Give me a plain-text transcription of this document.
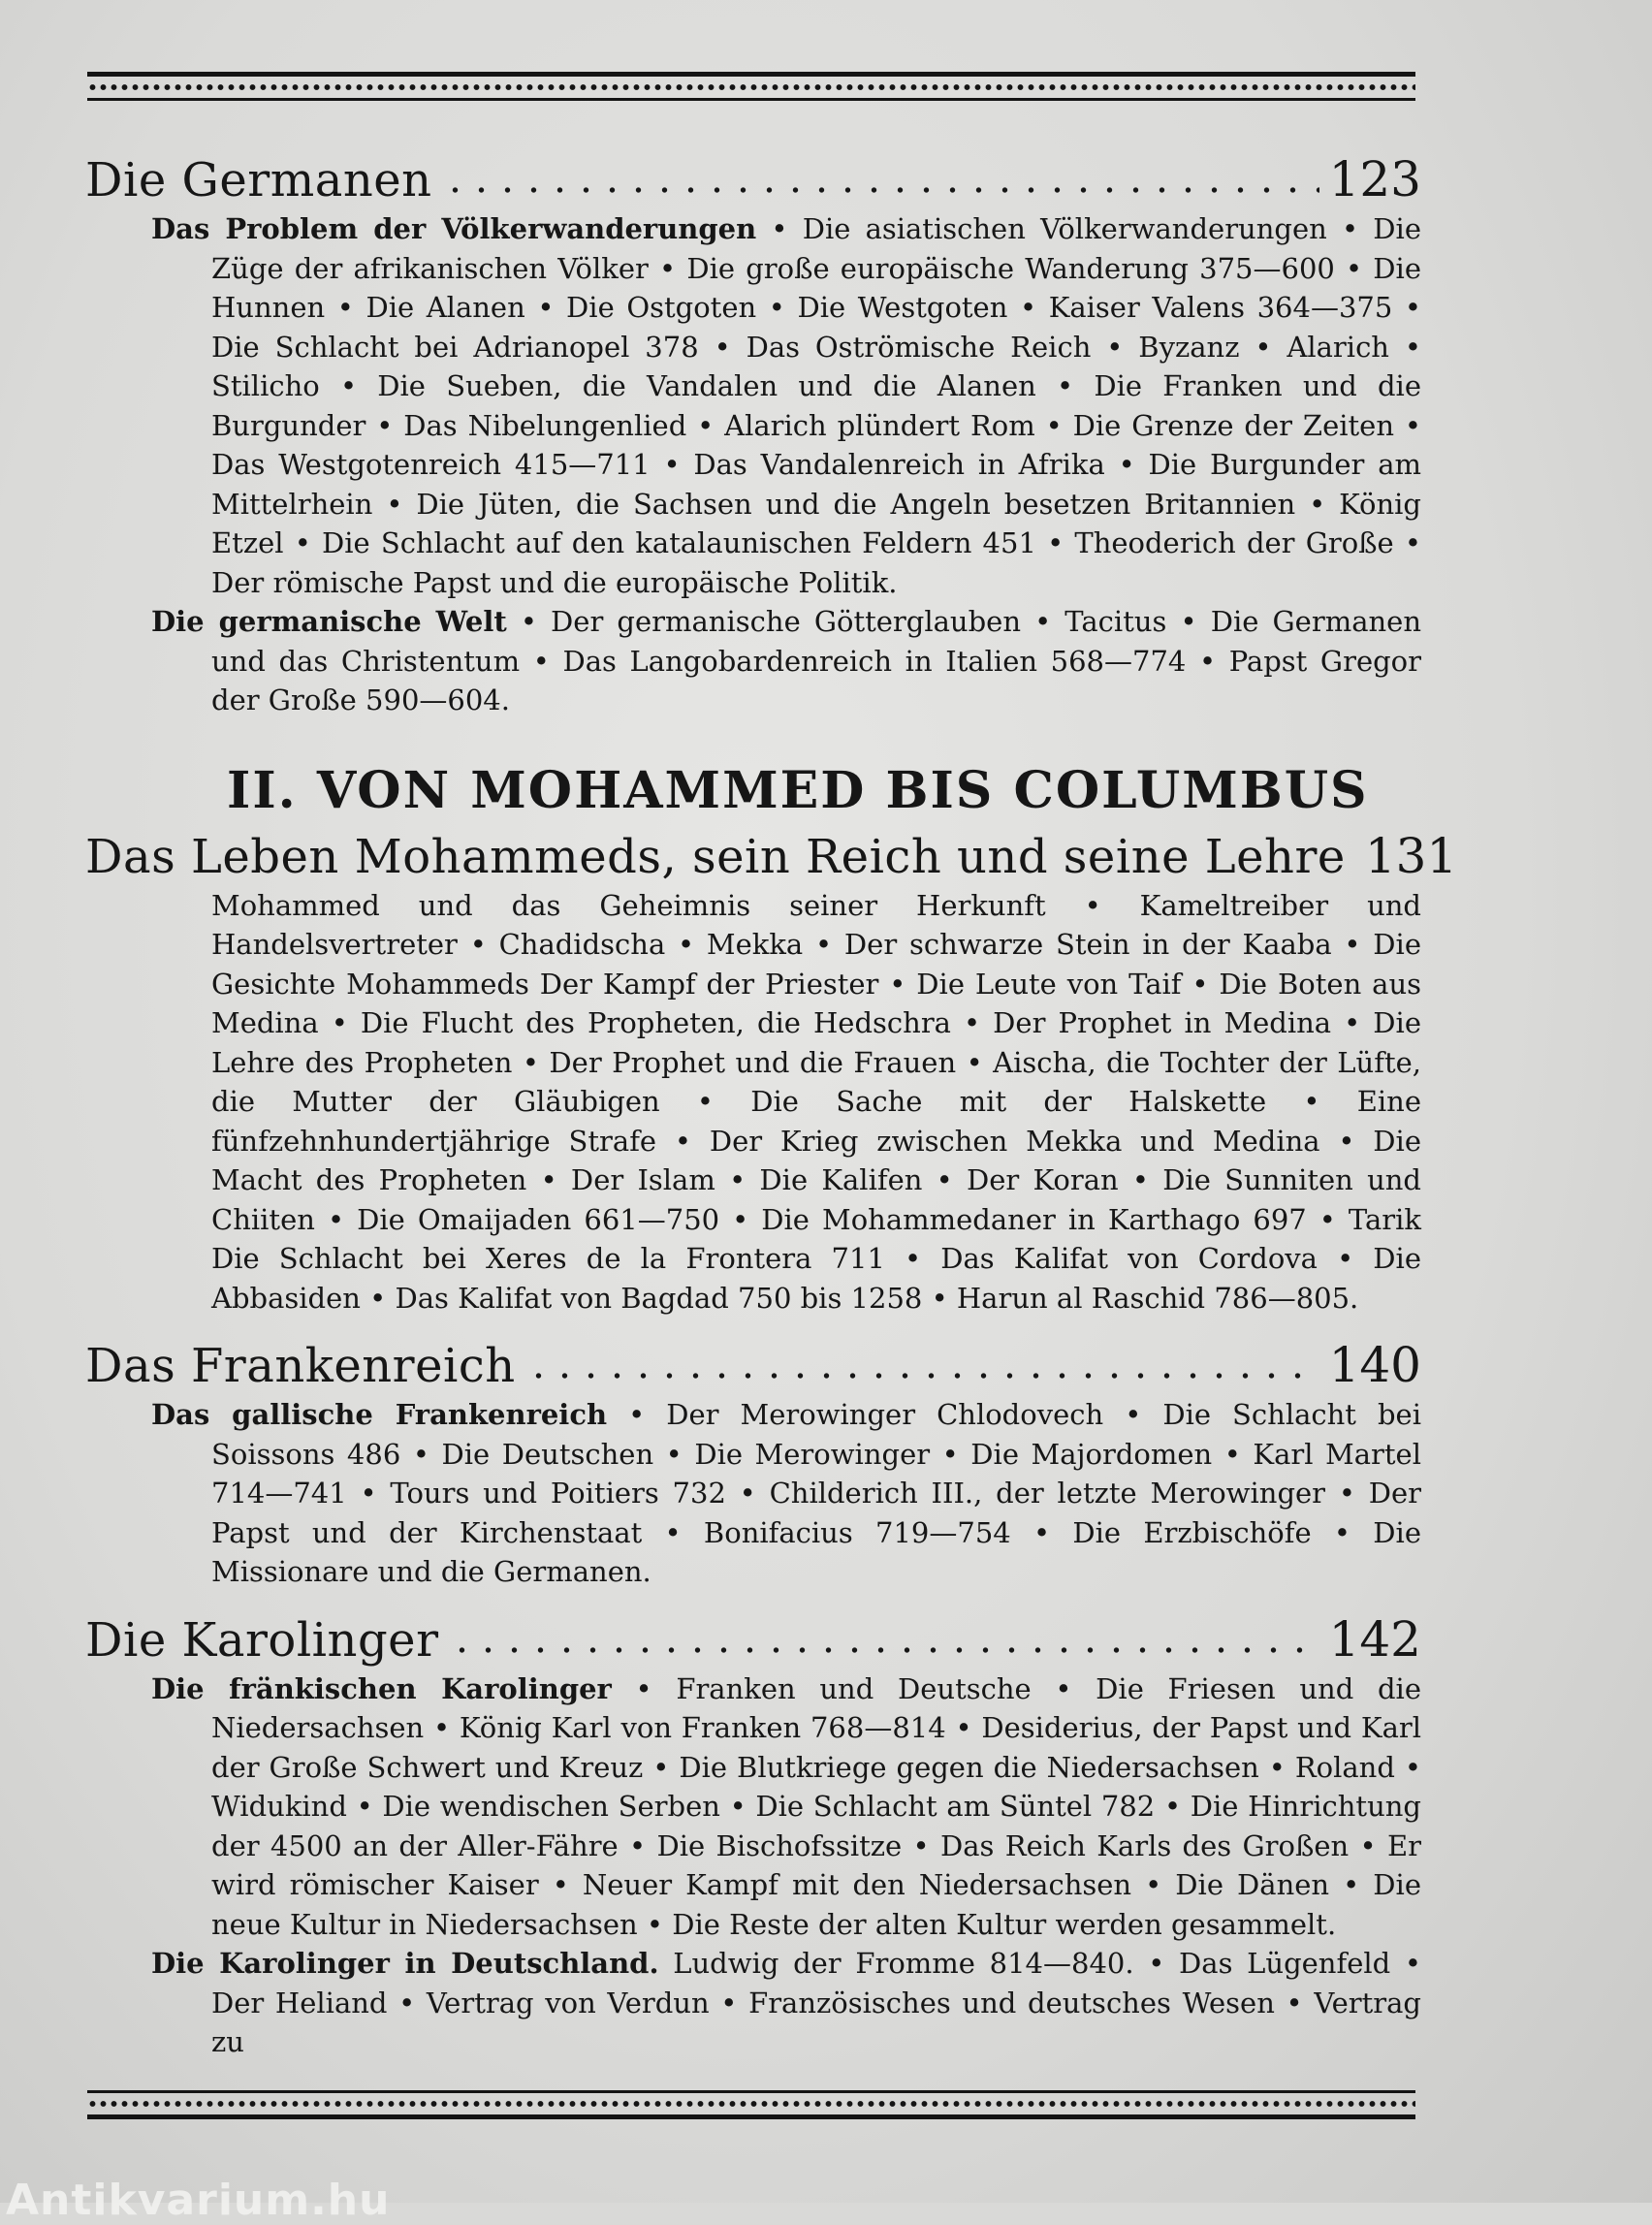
Die Germanen	123

Das Problem der Völkerwanderungen • Die asiatischen Völkerwanderungen • Die Züge der afrikanischen Völker • Die große europäische Wanderung 375—600 • Die Hunnen • Die Alanen • Die Ostgoten • Die Westgoten • Kaiser Valens 364—375 • Die Schlacht bei Adrianopel 378 • Das Oströmische Reich • Byzanz • Alarich • Stilicho • Die Sueben, die Vandalen und die Alanen • Die Franken und die Burgunder • Das Nibelungenlied • Alarich plündert Rom • Die Grenze der Zeiten • Das Westgotenreich 415—711 • Das Vandalenreich in Afrika • Die Burgunder am Mittelrhein • Die Jüten, die Sachsen und die Angeln besetzen Britannien • König Etzel • Die Schlacht auf den katalaunischen Feldern 451 • Theoderich der Große • Der römische Papst und die europäische Politik.

Die germanische Welt • Der germanische Götterglauben • Tacitus • Die Germanen und das Christentum • Das Langobardenreich in Italien 568—774 • Papst Gregor der Große 590—604.

II. VON MOHAMMED BIS COLUMBUS
Das Leben Mohammeds, sein Reich und seine Lehre 131

Mohammed und das Geheimnis seiner Herkunft • Kameltreiber und Handelsvertreter • Chadidscha • Mekka • Der schwarze Stein in der Kaaba • Die Gesichte Mohammeds Der Kampf der Priester • Die Leute von Taif • Die Boten aus Medina • Die Flucht des Propheten, die Hedschra • Der Prophet in Medina • Die Lehre des Propheten • Der Prophet und die Frauen • Aischa, die Tochter der Lüfte, die Mutter der Gläubigen • Die Sache mit der Halskette • Eine fünfzehnhundertjährige Strafe • Der Krieg zwischen Mekka und Medina • Die Macht des Propheten • Der Islam • Die Kalifen • Der Koran • Die Sunniten und Chiiten • Die Omaijaden 661—750 • Die Mohammedaner in Karthago 697 • Tarik Die Schlacht bei Xeres de la Frontera 711 • Das Kalifat von Cordova • Die Abbasiden • Das Kalifat von Bagdad 750 bis 1258 • Harun al Raschid 786—805.

Das Frankenreich	140

Das gallische Frankenreich • Der Merowinger Chlodovech • Die Schlacht bei Soissons 486 • Die Deutschen • Die Merowinger • Die Majordomen • Karl Martel 714—741 • Tours und Poitiers 732 • Childerich III., der letzte Merowinger • Der Papst und der Kirchenstaat • Bonifacius 719—754 • Die Erzbischöfe • Die Missionare und die Germanen.

Die Karolinger	142

Die fränkischen Karolinger • Franken und Deutsche • Die Friesen und die Niedersachsen • König Karl von Franken 768—814 • Desiderius, der Papst und Karl der Große Schwert und Kreuz • Die Blutkriege gegen die Niedersachsen • Roland • Widukind • Die wendischen Serben • Die Schlacht am Süntel 782 • Die Hinrichtung der 4500 an der Aller-Fähre • Die Bischofssitze • Das Reich Karls des Großen • Er wird römischer Kaiser • Neuer Kampf mit den Niedersachsen • Die Dänen • Die neue Kultur in Niedersachsen • Die Reste der alten Kultur werden gesammelt.

Die Karolinger in Deutschland. Ludwig der Fromme 814—840. • Das Lügenfeld • Der Heliand • Vertrag von Verdun • Französisches und deutsches Wesen • Vertrag zu

Antikvarium.hu
